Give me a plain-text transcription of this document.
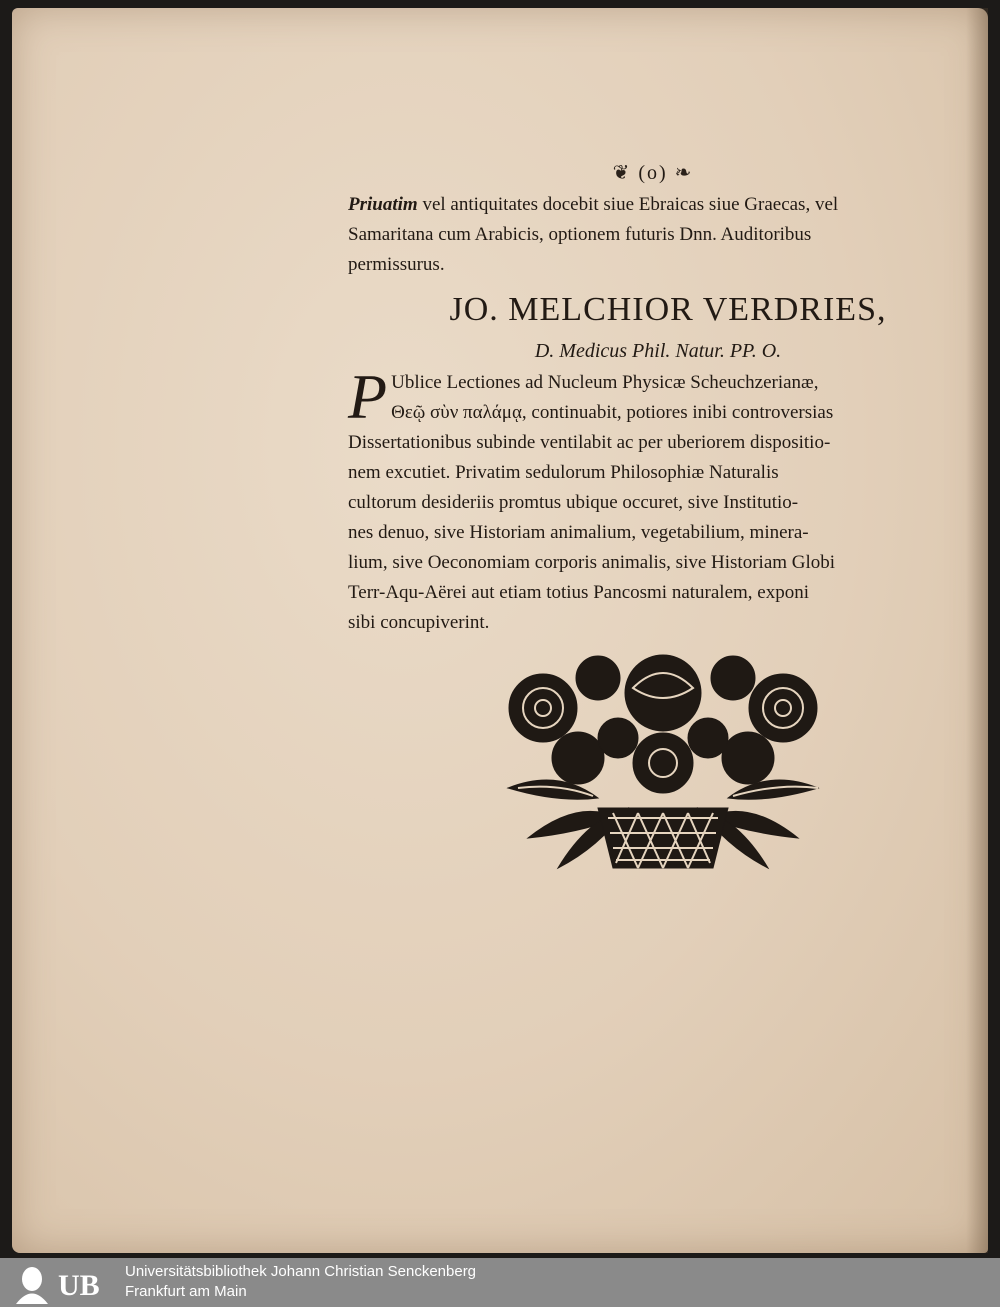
❦ (o) ❧
Priuatim vel antiquitates docebit siue Ebraicas siue Graecas, vel
Samaritana cum Arabicis, optionem futuris Dnn. Auditoribus
permissurus.
JO. MELCHIOR VERDRIES,
D. Medicus Phil. Natur. PP. O.
P Ublice Lectiones ad Nucleum Physicæ Scheuchzerianæ,
Θεῷ σὺν παλάμᾳ, continuabit, potiores inibi controversias
Dissertationibus subinde ventilabit ac per uberiorem dispositio-
nem excutiet. Privatim sedulorum Philosophiæ Naturalis
cultorum desideriis promtus ubique occuret, sive Institutio-
nes denuo, sive Historiam animalium, vegetabilium, minera-
lium, sive Oeconomiam corporis animalis, sive Historiam Globi
Terr-Aqu-Aërei aut etiam totius Pancosmi naturalem, exponi
sibi concupiverint.
UB Universitätsbibliothek Johann Christian Senckenberg
Frankfurt am Main
